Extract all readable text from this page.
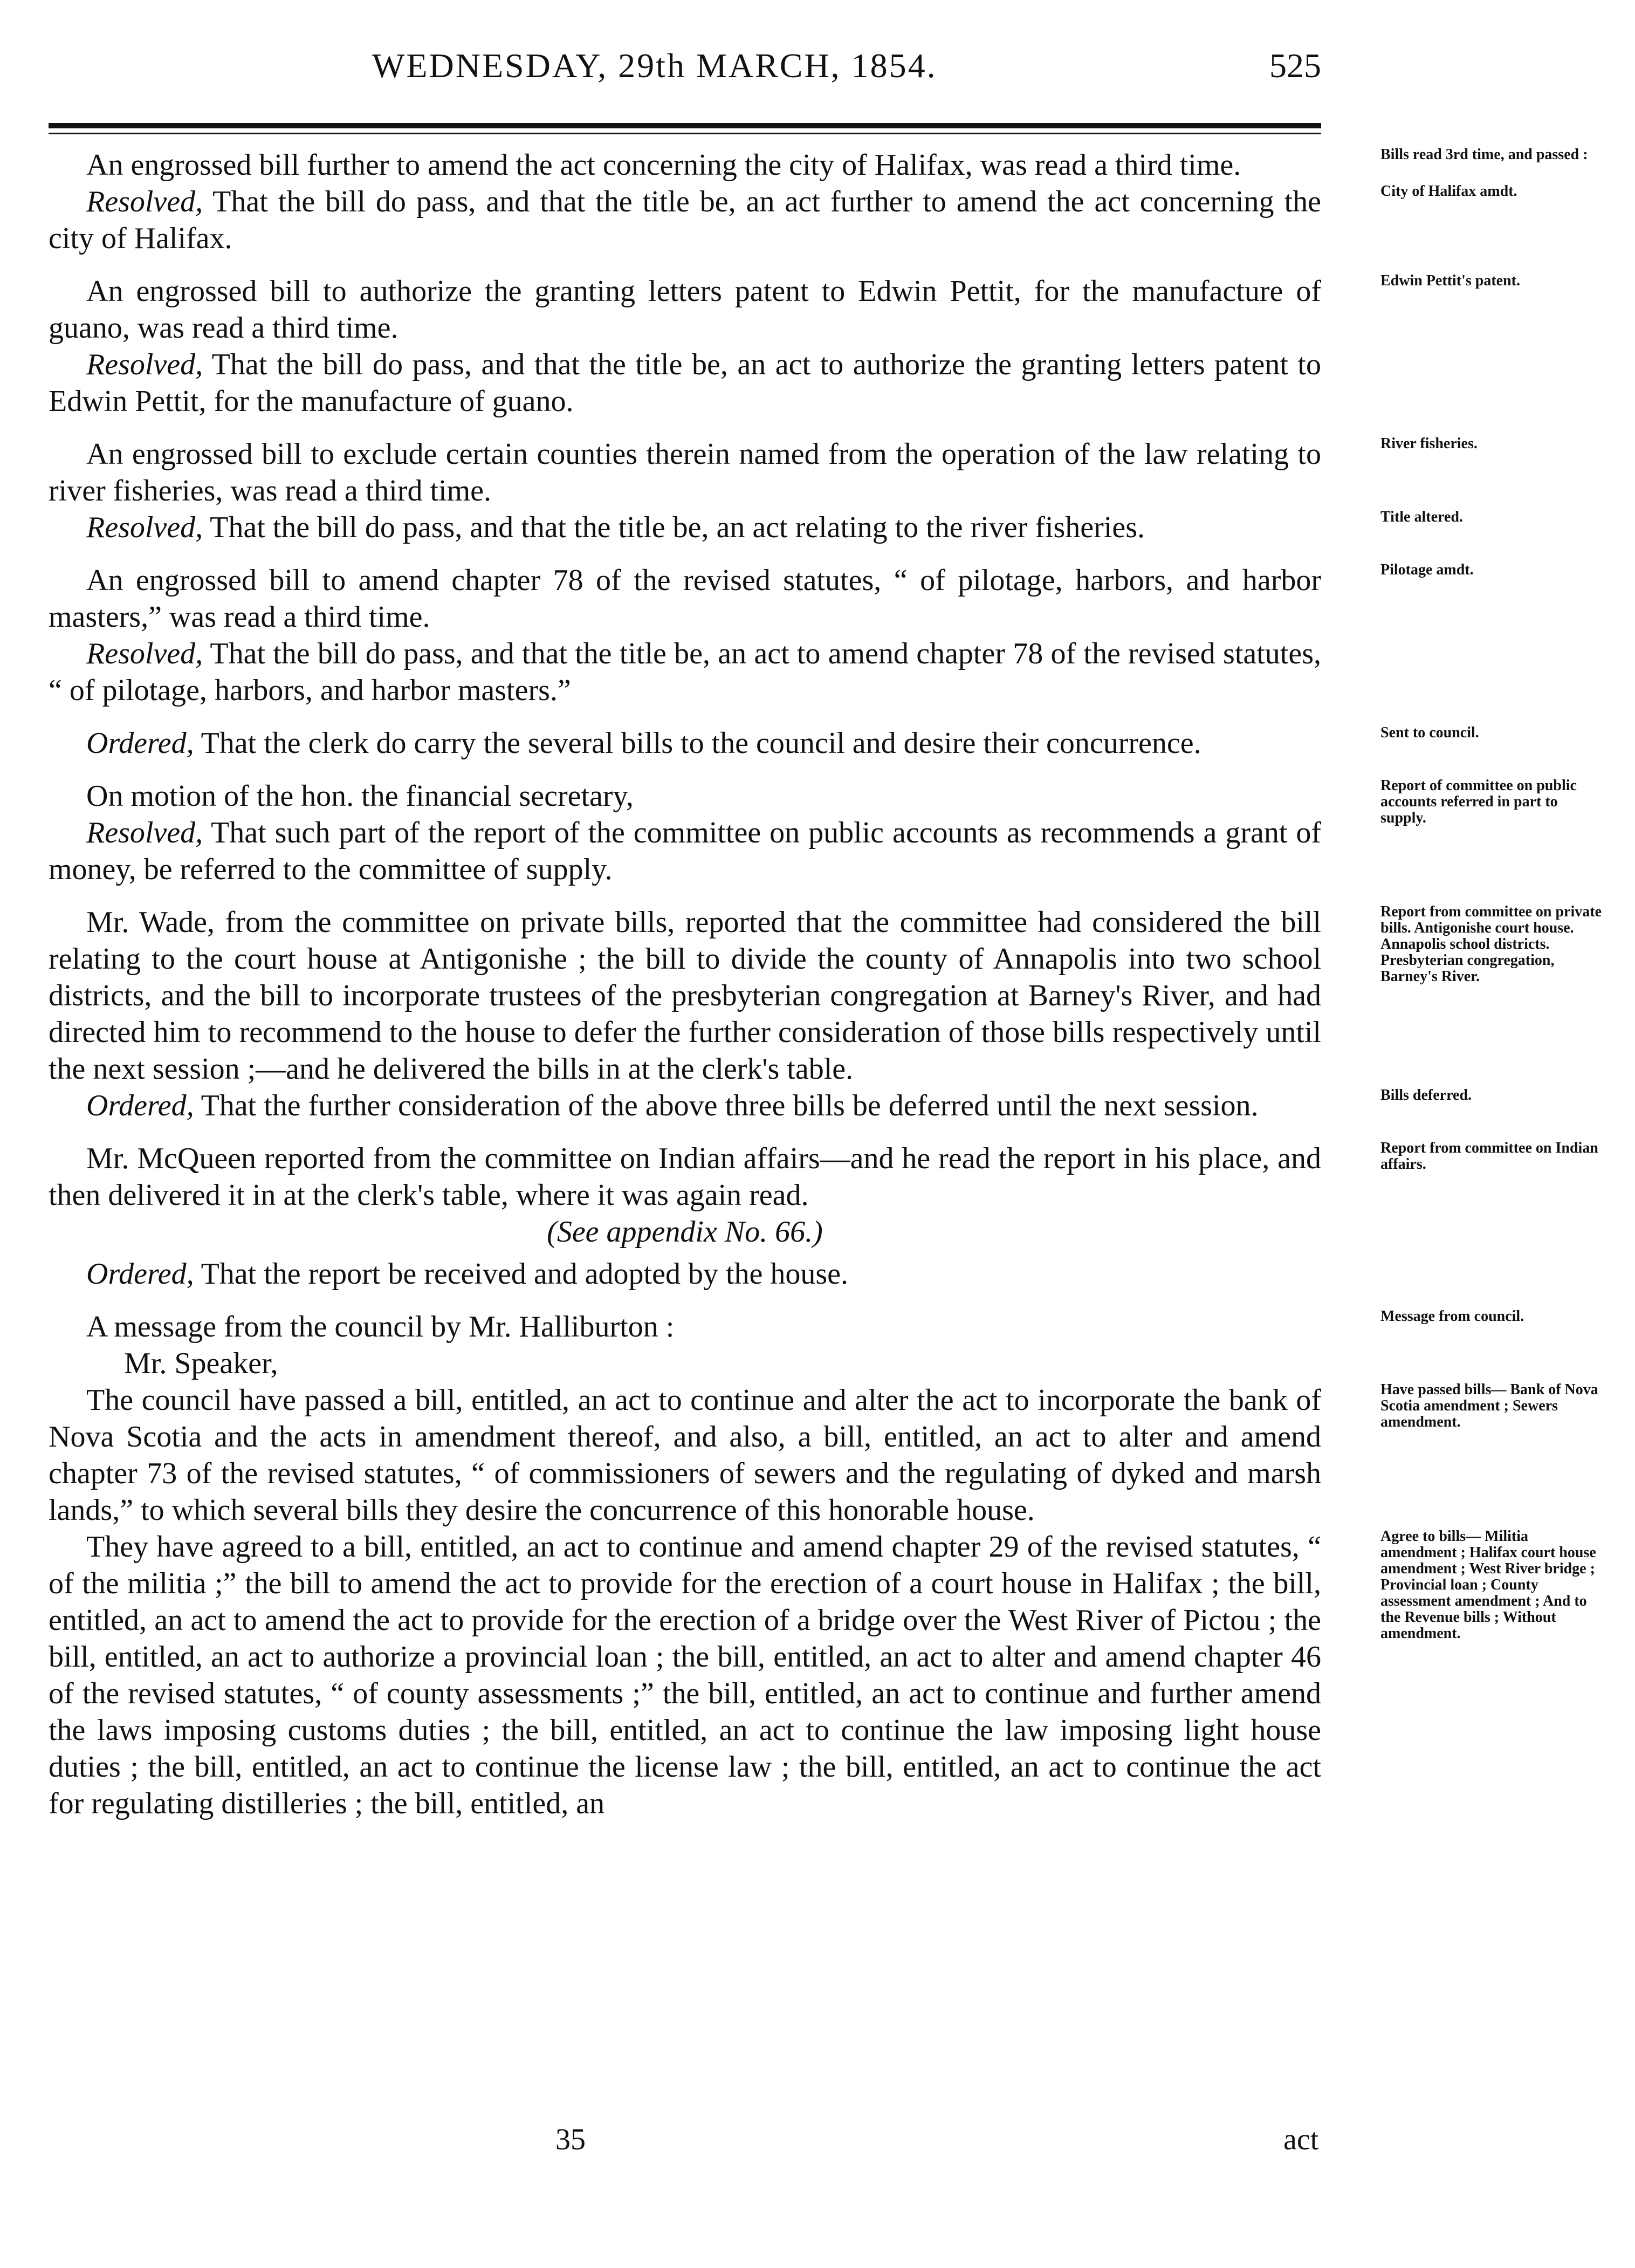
WEDNESDAY, 29th MARCH, 1854.	525

An engrossed bill further to amend the act concerning the city of Halifax, was read a third time.	Bills read 3rd time, and passed :

Resolved, That the bill do pass, and that the title be, an act further to amend the act concerning the city of Halifax.

City of Halifax amdt.

An engrossed bill to authorize the granting letters patent to Edwin Pettit, for the manufacture of guano, was read a third time.

Edwin Pettit's patent.

Resolved, That the bill do pass, and that the title be, an act to authorize the granting letters patent to Edwin Pettit, for the manufacture of guano.

An engrossed bill to exclude certain counties therein named from the operation of the law relating to river fisheries, was read a third time.

River fisheries.

Resolved, That the bill do pass, and that the title be, an act relating to the river fisheries.	Title altered.

An engrossed bill to amend chapter 78 of the revised statutes, “ of pilotage, harbors, and harbor masters,” was read a third time.

Pilotage amdt.

Resolved, That the bill do pass, and that the title be, an act to amend chapter 78 of the revised statutes, “ of pilotage, harbors, and harbor masters.”

Ordered, That the clerk do carry the several bills to the council and desire their concurrence.	Sent to council.

On motion of the hon. the financial secretary,	Report of committee on public accounts referred in part to supply.

Resolved, That such part of the report of the committee on public accounts as recommends a grant of money, be referred to the committee of supply.

Mr. Wade, from the committee on private bills, reported that the committee had considered the bill relating to the court house at Antigonishe ; the bill to divide the county of Annapolis into two school districts, and the bill to incorporate trustees of the presbyterian congregation at Barney's River, and had directed him to recommend to the house to defer the further consideration of those bills respectively until the next session ;—and he delivered the bills in at the clerk's table.

Report from committee on private bills. Antigonishe court house. Annapolis school districts. Presbyterian congregation, Barney's River.

Ordered, That the further consideration of the above three bills be deferred until the next session.	Bills deferred.

Mr. McQueen reported from the committee on Indian affairs—and he read the report in his place, and then delivered it in at the clerk's table, where it was again read.

Report from committee on Indian affairs.

(See appendix No. 66.)

Ordered, That the report be received and adopted by the house.

A message from the council by Mr. Halliburton :	Message from council.

Mr. Speaker,

The council have passed a bill, entitled, an act to continue and alter the act to incorporate the bank of Nova Scotia and the acts in amendment thereof, and also, a bill, entitled, an act to alter and amend chapter 73 of the revised statutes, “ of commissioners of sewers and the regulating of dyked and marsh lands,” to which several bills they desire the concurrence of this honorable house.

Have passed bills— Bank of Nova Scotia amendment ; Sewers amendment.

They have agreed to a bill, entitled, an act to continue and amend chapter 29 of the revised statutes, “ of the militia ;” the bill to amend the act to provide for the erection of a court house in Halifax ; the bill, entitled, an act to amend the act to provide for the erection of a bridge over the West River of Pictou ; the bill, entitled, an act to authorize a provincial loan ; the bill, entitled, an act to alter and amend chapter 46 of the revised statutes, “ of county assessments ;” the bill, entitled, an act to continue and further amend the laws imposing customs duties ; the bill, entitled, an act to continue the law imposing light house duties ; the bill, entitled, an act to continue the license law ; the bill, entitled, an act to continue the act for regulating distilleries ; the bill, entitled, an

Agree to bills— Militia amendment ; Halifax court house amendment ; West River bridge ; Provincial loan ; County assessment amendment ; And to the Revenue bills ; Without amendment.
35	act
